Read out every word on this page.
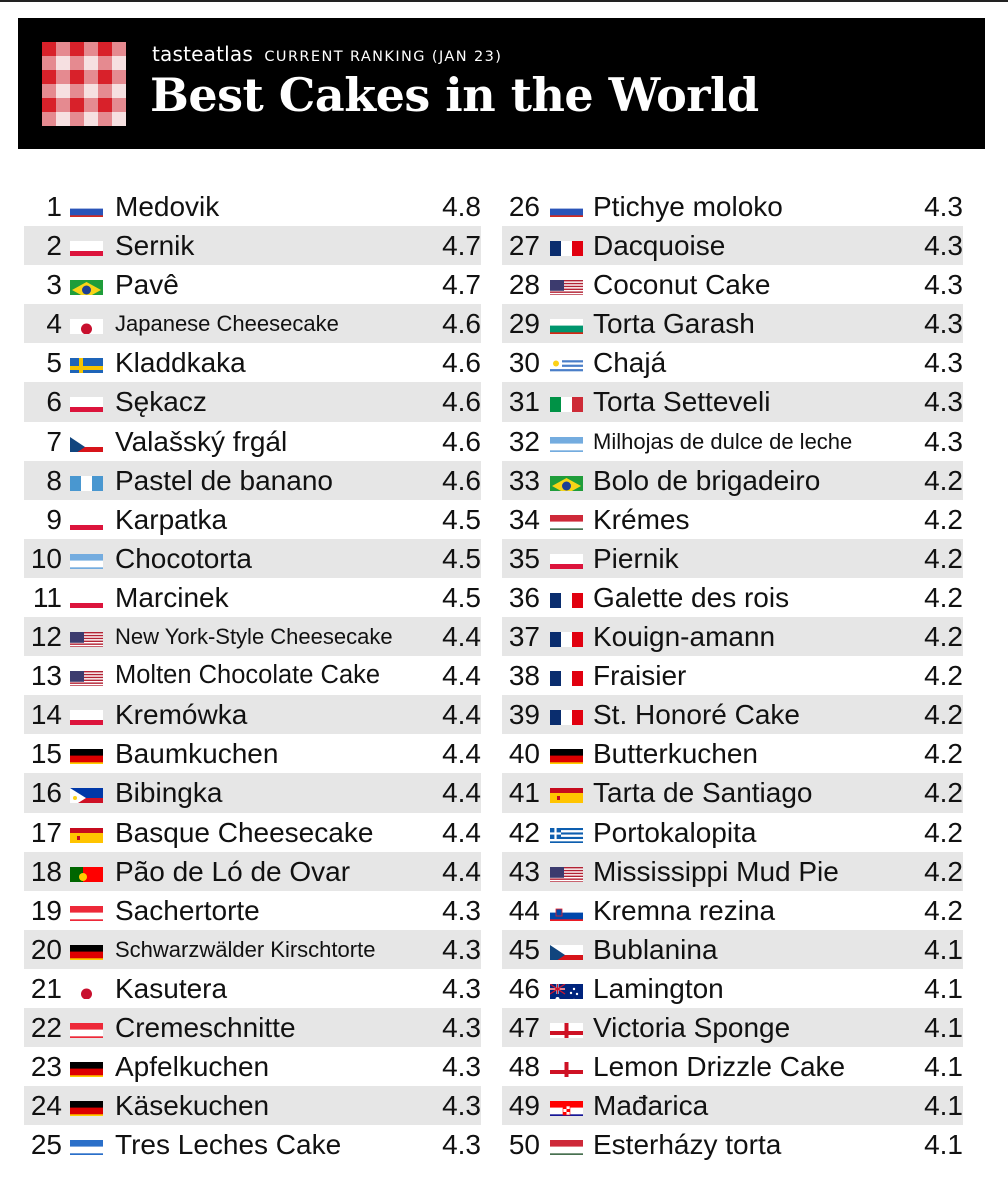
tasteatlas CURRENT RANKING (JAN 23)
Best Cakes in the World
1 Medovik	4.8
2 Sernik	4.7
3 Pavê	4.7
4 Japanese Cheesecake	4.6
5 Kladdkaka	4.6
6 Sękacz	4.6
7 Valašský frgál	4.6
8 Pastel de banano	4.6
9 Karpatka	4.5
10 Chocotorta	4.5
11 Marcinek	4.5
12 New York-Style Cheesecake 4.4
13 Molten Chocolate Cake 4.4
14 Kremówka	4.4
15 Baumkuchen	4.4
16 Bibingka	4.4
17 Basque Cheesecake 4.4
18 Pão de Ló de Ovar	4.4
19 Sachertorte	4.3
20 Schwarzwälder Kirschtorte 4.3
21 Kasutera	4.3
22 Cremeschnitte	4.3
23 Apfelkuchen	4.3
24 Käsekuchen	4.3
25 Tres Leches Cake	4.3
26 Ptichye moloko	4.3
27 Dacquoise	4.3
28 Coconut Cake	4.3
29 Torta Garash	4.3
30 Chajá	4.3
31 Torta Setteveli	4.3
32 Milhojas de dulce de leche	4.3
33 Bolo de brigadeiro	4.2
34 Krémes	4.2
35 Piernik	4.2
36 Galette des rois	4.2
37 Kouign-amann	4.2
38 Fraisier	4.2
39 St. Honoré Cake	4.2
40 Butterkuchen	4.2
41 Tarta de Santiago	4.2
42 Portokalopita	4.2
43 Mississippi Mud Pie	4.2
44 Kremna rezina	4.2
45 Bublanina	4.1
46 Lamington	4.1
47 Victoria Sponge	4.1
48 Lemon Drizzle Cake	4.1
49 Mađarica	4.1
50 Esterházy torta	4.1
